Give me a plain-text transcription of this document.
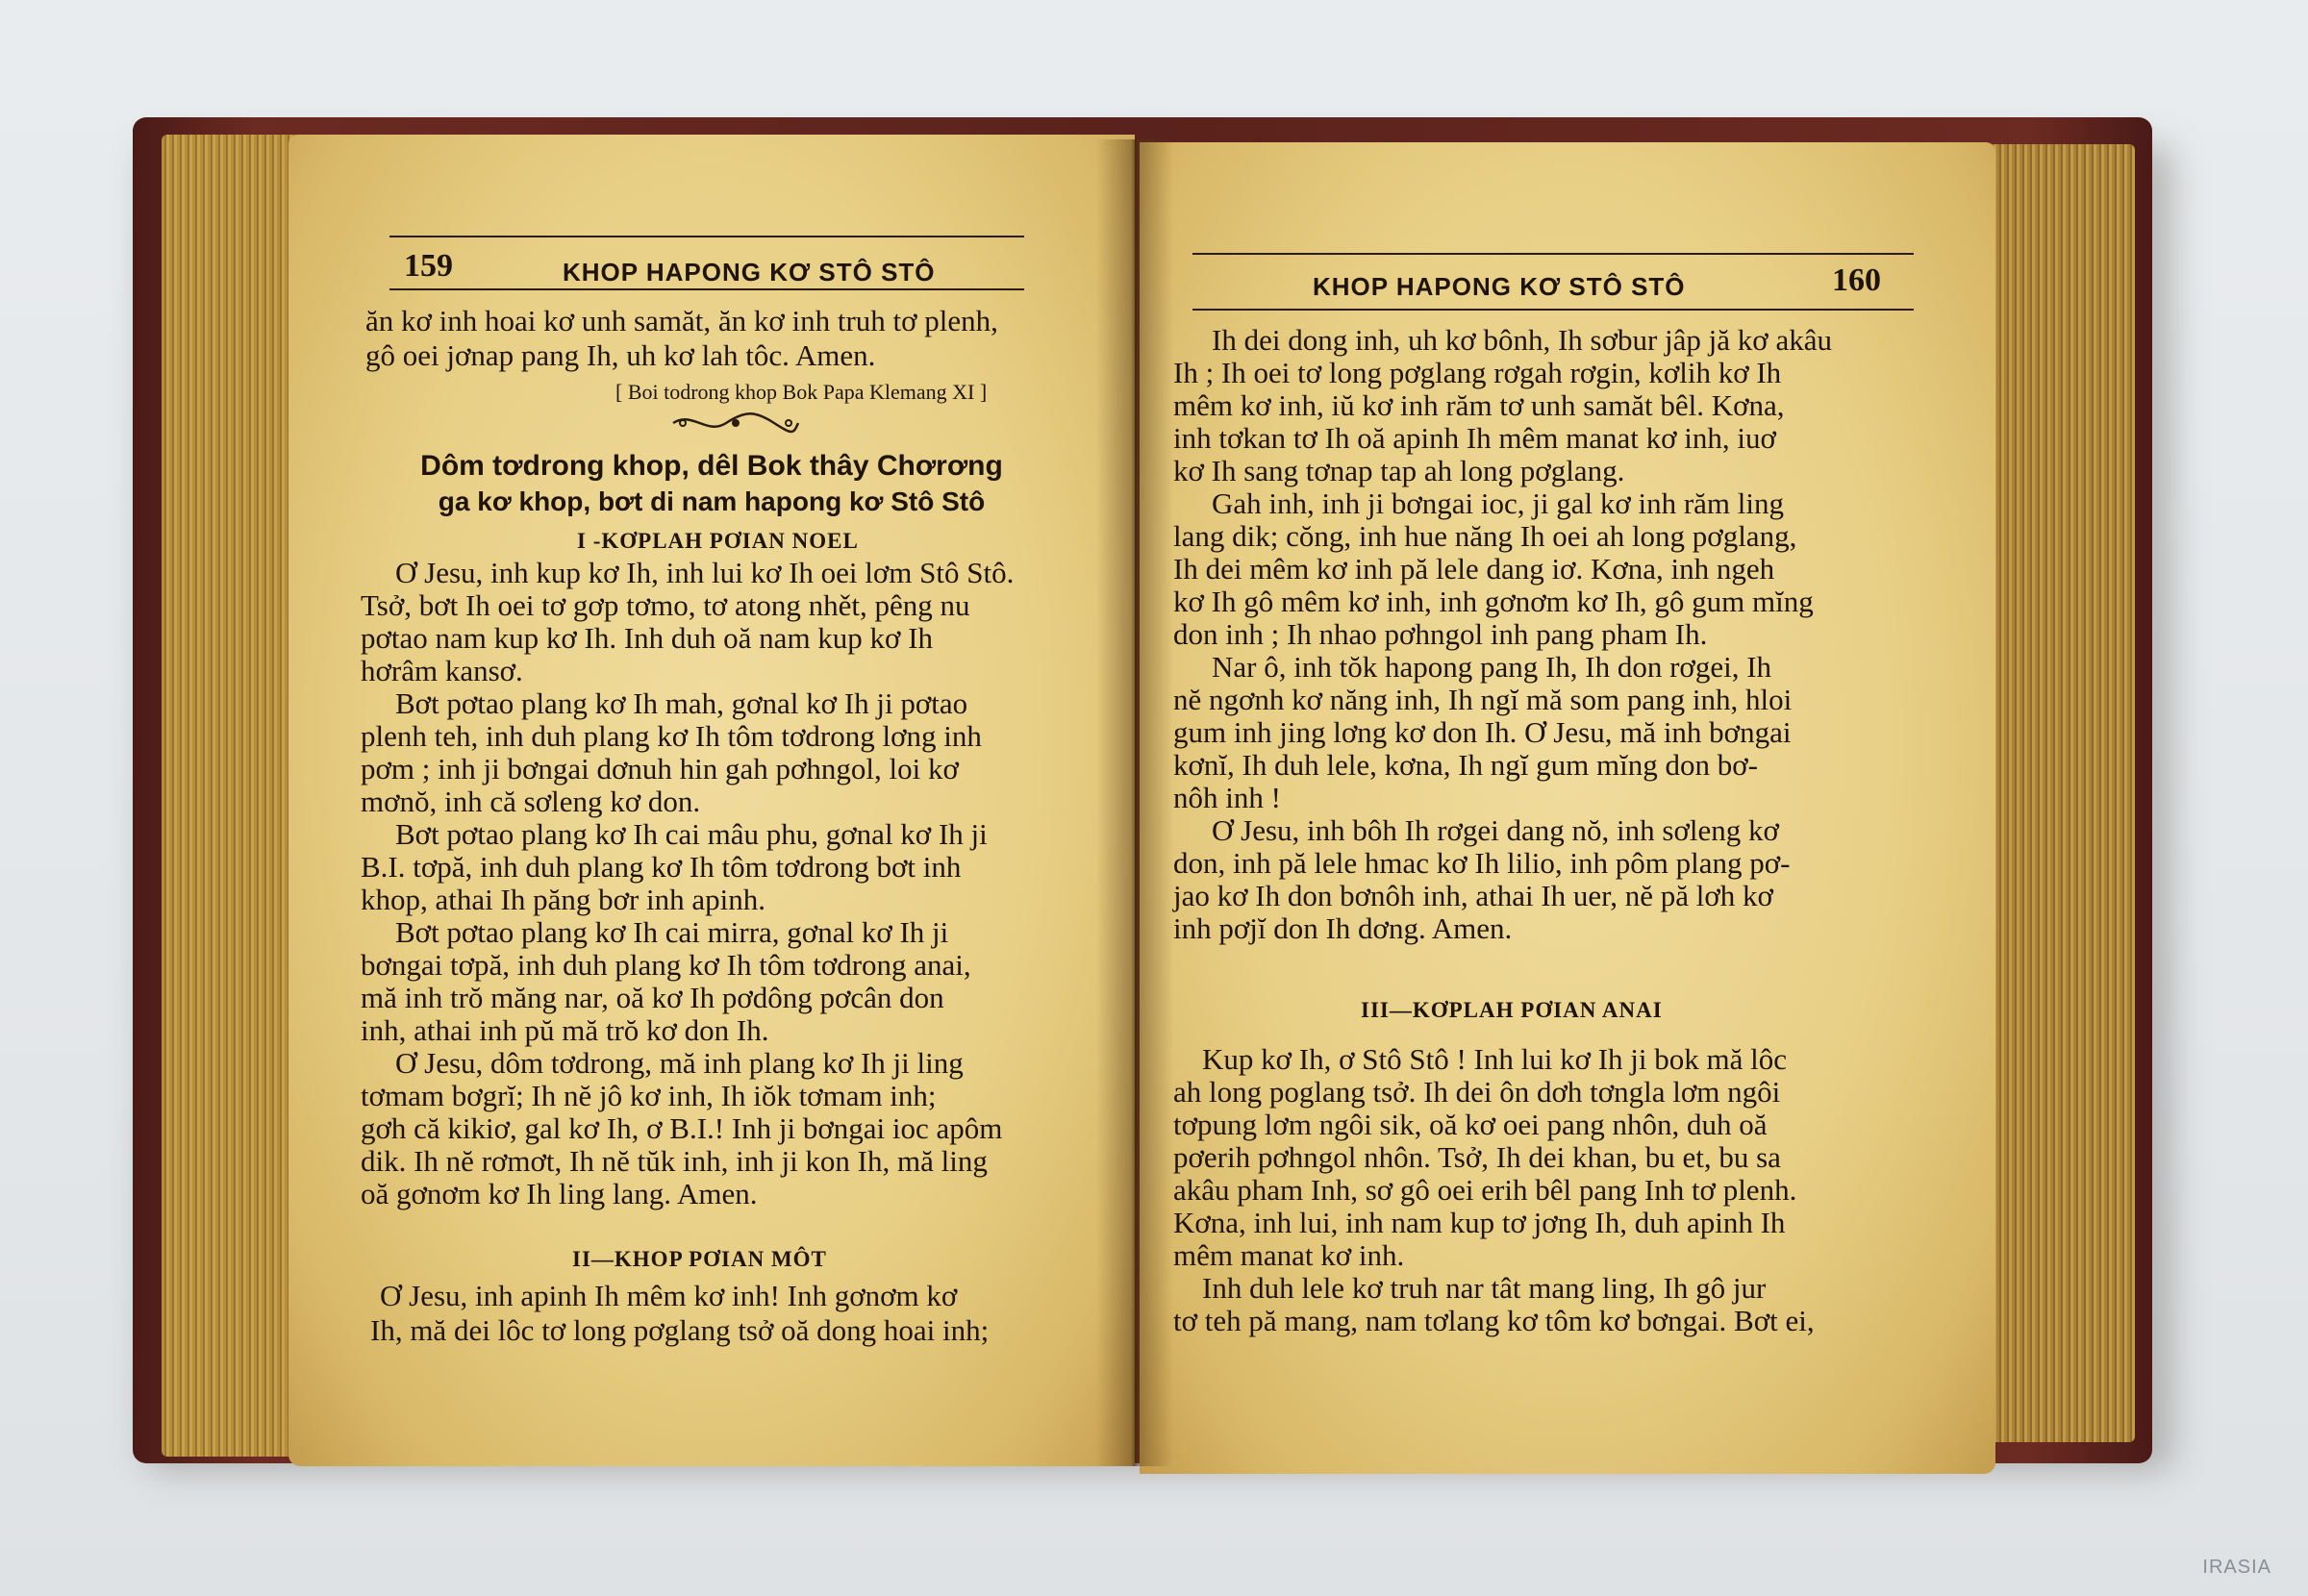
159	KHOP HAPONG KƠ STÔ STÔ
ăn kơ inh hoai kơ unh samăt, ăn kơ inh truh tơ plenh,
gô oei jơnap pang Ih, uh kơ lah tôc. Amen.
[ Boi todrong khop Bok Papa Klemang XI ]
Dôm tơdrong khop, dêl Bok thây Chơrơng
ga kơ khop, bơt di nam hapong kơ Stô Stô
I -KƠPLAH PƠIAN NOEL
Ơ Jesu, inh kup kơ Ih, inh lui kơ Ih oei lơm Stô Stô.
Tsở, bơt Ih oei tơ gơp tơmo, tơ atong nhět, pêng nu
pơtao nam kup kơ Ih. Inh duh oă nam kup kơ Ih
hơrâm kansơ.
Bơt pơtao plang kơ Ih mah, gơnal kơ Ih ji pơtao
plenh teh, inh duh plang kơ Ih tôm tơdrong lơng inh
pơm ; inh ji bơngai dơnuh hin gah pơhngol, loi kơ
mơnŏ, inh că sơleng kơ don.
Bơt pơtao plang kơ Ih cai mâu phu, gơnal kơ Ih ji
B.I. tơpă, inh duh plang kơ Ih tôm tơdrong bơt inh
khop, athai Ih păng bơr inh apinh.
Bơt pơtao plang kơ Ih cai mirra, gơnal kơ Ih ji
bơngai tơpă, inh duh plang kơ Ih tôm tơdrong anai,
mă inh trŏ măng nar, oă kơ Ih pơdông pơcân don
inh, athai inh pŭ mă trŏ kơ don Ih.
Ơ Jesu, dôm tơdrong, mă inh plang kơ Ih ji ling
tơmam bơgrĭ; Ih nĕ jô kơ inh, Ih iŏk tơmam inh;
gơh că kikiơ, gal kơ Ih, ơ B.I.! Inh ji bơngai ioc apôm
dik. Ih nĕ rơmơt, Ih nĕ tŭk inh, inh ji kon Ih, mă ling
oă gơnơm kơ Ih ling lang. Amen.
II—KHOP PƠIAN MÔT
Ơ Jesu, inh apinh Ih mêm kơ inh! Inh gơnơm kơ
Ih, mă dei lôc tơ long pơglang tsở oă dong hoai inh;
KHOP HAPONG KƠ STÔ STÔ	160
Ih dei dong inh, uh kơ bônh, Ih sơbur jâp jă kơ akâu
Ih ; Ih oei tơ long pơglang rơgah rơgin, kơlih kơ Ih
mêm kơ inh, iŭ kơ inh răm tơ unh samăt bêl. Kơna,
inh tơkan tơ Ih oă apinh Ih mêm manat kơ inh, iuơ
kơ Ih sang tơnap tap ah long pơglang.
Gah inh, inh ji bơngai ioc, ji gal kơ inh răm ling
lang dik; cŏng, inh hue năng Ih oei ah long pơglang,
Ih dei mêm kơ inh pă lele dang iơ. Kơna, inh ngeh
kơ Ih gô mêm kơ inh, inh gơnơm kơ Ih, gô gum mĭng
don inh ; Ih nhao pơhngol inh pang pham Ih.
Nar ô, inh tŏk hapong pang Ih, Ih don rơgei, Ih
nĕ ngơnh kơ năng inh, Ih ngĭ mă som pang inh, hloi
gum inh jing lơng kơ don Ih. Ơ Jesu, mă inh bơngai
kơnĭ, Ih duh lele, kơna, Ih ngĭ gum mĭng don bơ-
nôh inh !
Ơ Jesu, inh bôh Ih rơgei dang nŏ, inh sơleng kơ
don, inh pă lele hmac kơ Ih lilio, inh pôm plang pơ-
jao kơ Ih don bơnôh inh, athai Ih uer, nĕ pă lơh kơ
inh pơjĭ don Ih dơng. Amen.
III—KƠPLAH PƠIAN ANAI
Kup kơ Ih, ơ Stô Stô ! Inh lui kơ Ih ji bok mă lôc
ah long poglang tsở. Ih dei ôn dơh tơngla lơm ngôi
tơpung lơm ngôi sik, oă kơ oei pang nhôn, duh oă
pơerih pơhngol nhôn. Tsở, Ih dei khan, bu et, bu sa
akâu pham Inh, sơ gô oei erih bêl pang Inh tơ plenh.
Kơna, inh lui, inh nam kup tơ jơng Ih, duh apinh Ih
mêm manat kơ inh.
Inh duh lele kơ truh nar tât mang ling, Ih gô jur
tơ teh pă mang, nam tơlang kơ tôm kơ bơngai. Bơt ei,
IRASIA
